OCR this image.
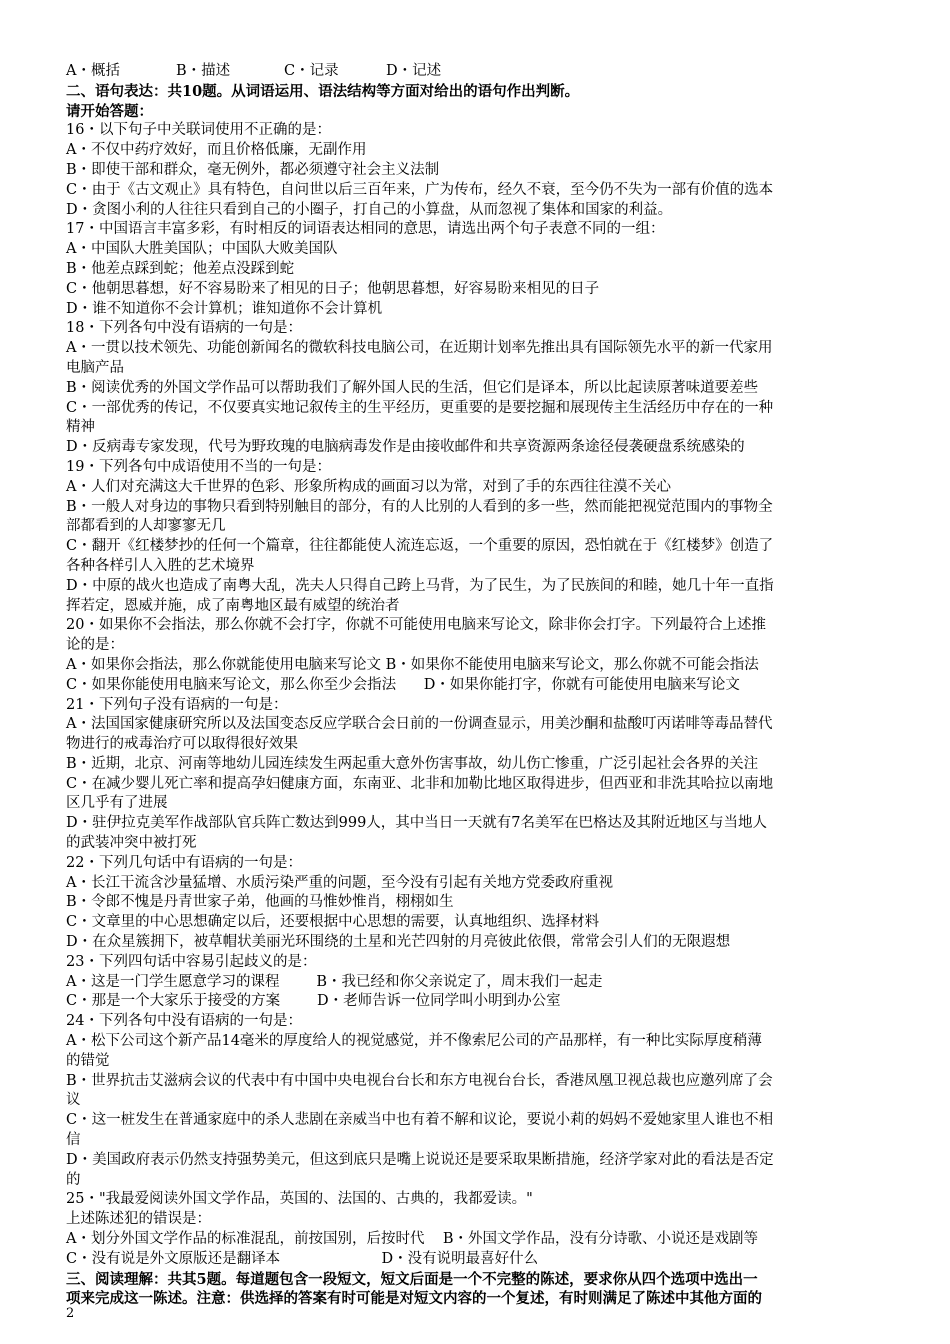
A・概括	B・描述	C・记录	D・记述
二、语句表达：共10题。从词语运用、语法结构等方面对给出的语句作出判断。
请开始答题：
16・以下句子中关联词使用不正确的是：
A・不仅中药疗效好，而且价格低廉，无副作用
B・即使干部和群众，毫无例外，都必须遵守社会主义法制
C・由于《古文观止》具有特色，自问世以后三百年来，广为传布，经久不衰，至今仍不失为一部有价值的选本
D・贪图小利的人往往只看到自己的小圈子，打自己的小算盘，从而忽视了集体和国家的利益。
17・中国语言丰富多彩，有时相反的词语表达相同的意思，请选出两个句子表意不同的一组：
A・中国队大胜美国队；中国队大败美国队
B・他差点踩到蛇；他差点没踩到蛇
C・他朝思暮想，好不容易盼来了相见的日子；他朝思暮想，好容易盼来相见的日子
D・谁不知道你不会计算机；谁知道你不会计算机
18・下列各句中没有语病的一句是：
A・一贯以技术领先、功能创新闻名的微软科技电脑公司，在近期计划率先推出具有国际领先水平的新一代家用
电脑产品
B・阅读优秀的外国文学作品可以帮助我们了解外国人民的生活，但它们是译本，所以比起读原著味道要差些
C・一部优秀的传记，不仅要真实地记叙传主的生平经历，更重要的是要挖掘和展现传主生活经历中存在的一种
精神
D・反病毒专家发现，代号为野玫瑰的电脑病毒发作是由接收邮件和共享资源两条途径侵袭硬盘系统感染的
19・下列各句中成语使用不当的一句是：
A・人们对充满这大千世界的色彩、形象所构成的画面习以为常，对到了手的东西往往漠不关心
B・一般人对身边的事物只看到特别触目的部分，有的人比别的人看到的多一些，然而能把视觉范围内的事物全
部都看到的人却寥寥无几
C・翻开《红楼梦抄的任何一个篇章，往往都能使人流连忘返，一个重要的原因，恐怕就在于《红楼梦》创造了
各种各样引人入胜的艺术境界
D・中原的战火也造成了南粤大乱，冼夫人只得自己跨上马背，为了民生，为了民族间的和睦，她几十年一直指
挥若定，恩威并施，成了南粤地区最有威望的统治者
20・如果你不会指法，那么你就不会打字，你就不可能使用电脑来写论文，除非你会打字。下列最符合上述推
论的是：
A・如果你会指法，那么你就能使用电脑来写论文 B・如果你不能使用电脑来写论文，那么你就不可能会指法
C・如果你能使用电脑来写论文，那么你至少会指法      D・如果你能打字，你就有可能使用电脑来写论文
21・下列句子没有语病的一句是：
A・法国国家健康研究所以及法国变态反应学联合会日前的一份调查显示，用美沙酮和盐酸叮丙诺啡等毒品替代
物进行的戒毒治疗可以取得很好效果
B・近期，北京、河南等地幼儿园连续发生两起重大意外伤害事故，幼儿伤亡惨重，广泛引起社会各界的关注
C・在减少婴儿死亡率和提高孕妇健康方面，东南亚、北非和加勒比地区取得进步，但西亚和非洗其哈拉以南地
区几乎有了进展
D・驻伊拉克美军作战部队官兵阵亡数达到999人，其中当日一天就有7名美军在巴格达及其附近地区与当地人
的武装冲突中被打死
22・下列几句话中有语病的一句是：
A・长江干流含沙量猛增、水质污染严重的问题，至今没有引起有关地方党委政府重视
B・令郎不愧是丹青世家子弟，他画的马惟妙惟肖，栩栩如生
C・文章里的中心思想确定以后，还要根据中心思想的需要，认真地组织、选择材料
D・在众星簇拥下，被草帽状美丽光环围绕的土星和光芒四射的月亮彼此依偎，常常会引人们的无限遐想
23・下列四句话中容易引起歧义的是：
A・这是一门学生愿意学习的课程        B・我已经和你父亲说定了，周末我们一起走
C・那是一个大家乐于接受的方案        D・老师告诉一位同学叫小明到办公室
24・下列各句中没有语病的一句是：
A・松下公司这个新产品14毫米的厚度给人的视觉感觉，并不像索尼公司的产品那样，有一种比实际厚度稍薄
的错觉
B・世界抗击艾滋病会议的代表中有中国中央电视台台长和东方电视台台长，香港凤凰卫视总裁也应邀列席了会
议
C・这一桩发生在普通家庭中的杀人悲剧在亲威当中也有着不解和议论，要说小莉的妈妈不爱她家里人谁也不相
信
D・美国政府表示仍然支持强势美元，但这到底只是嘴上说说还是要采取果断措施，经济学家对此的看法是否定
的
25・"我最爱阅读外国文学作品，英国的、法国的、古典的，我都爱读。"
上述陈述犯的错误是：
A・划分外国文学作品的标准混乱，前按国别，后按时代    B・外国文学作品，没有分诗歌、小说还是戏剧等
C・没有说是外文原版还是翻译本                      D・没有说明最喜好什么
三、阅读理解：共其5题。每道题包含一段短文，短文后面是一个不完整的陈述，要求你从四个选项中选出一
项来完成这一陈述。注意：供选择的答案有时可能是对短文内容的一个复述，有时则满足了陈述中其他方面的
2
